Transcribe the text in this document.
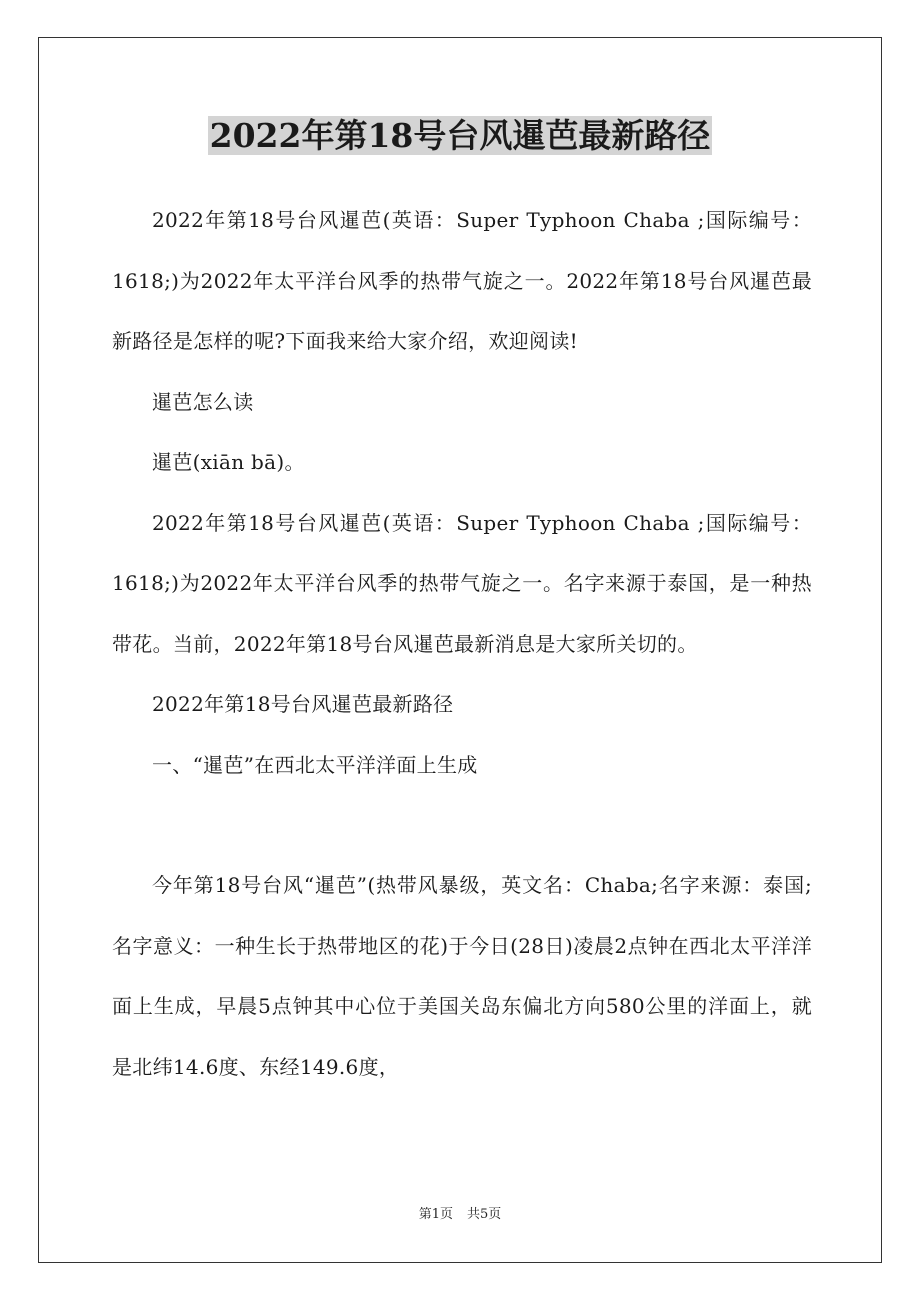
2022年第18号台风暹芭最新路径

2022年第18号台风暹芭(英语：Super Typhoon Chaba ;国际编号：1618;)为2022年太平洋台风季的热带气旋之一。2022年第18号台风暹芭最新路径是怎样的呢?下面我来给大家介绍，欢迎阅读!

暹芭怎么读

暹芭(xiān bā)。

2022年第18号台风暹芭(英语：Super Typhoon Chaba ;国际编号：1618;)为2022年太平洋台风季的热带气旋之一。名字来源于泰国，是一种热带花。当前，2022年第18号台风暹芭最新消息是大家所关切的。

2022年第18号台风暹芭最新路径

一、“暹芭”在西北太平洋洋面上生成

今年第18号台风“暹芭”(热带风暴级，英文名：Chaba;名字来源：泰国;名字意义：一种生长于热带地区的花)于今日(28日)凌晨2点钟在西北太平洋洋面上生成，早晨5点钟其中心位于美国关岛东偏北方向580公里的洋面上，就是北纬14.6度、东经149.6度，

第1页 共5页
